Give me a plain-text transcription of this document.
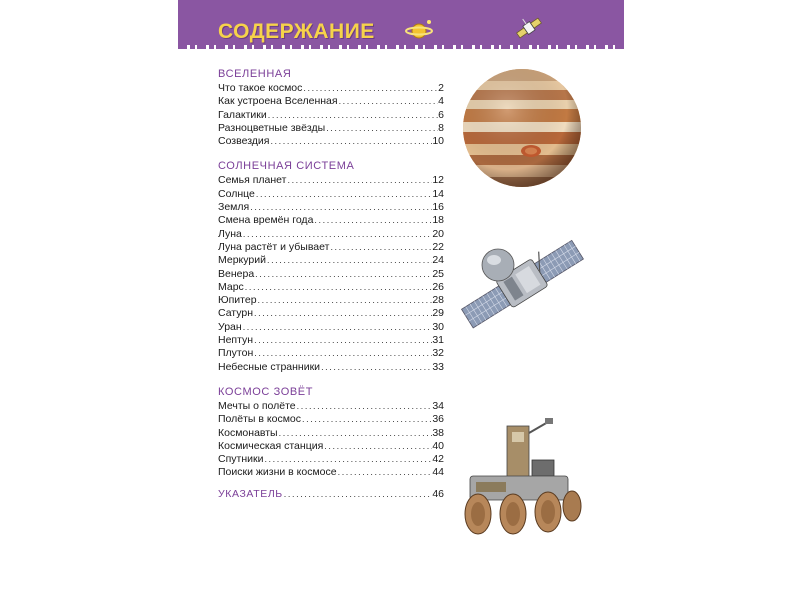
СОДЕРЖАНИЕ
ВСЕЛЕННАЯ
Что такое космос .....	2
Как устроена Вселенная .....	4
Галактики .....	6
Разноцветные звёзды .....	8
Созвездия .....	10
СОЛНЕЧНАЯ СИСТЕМА
Семья планет .....	12
Солнце .....	14
Земля .....	16
Смена времён года .....	18
Луна .....	20
Луна растёт и убывает .....	22
Меркурий .....	24
Венера .....	25
Марс .....	26
Юпитер .....	28
Сатурн .....	29
Уран .....	30
Нептун .....	31
Плутон .....	32
Небесные странники .....	33
КОСМОС ЗОВЁТ
Мечты о полёте .....	34
Полёты в космос .....	36
Космонавты .....	38
Космическая станция .....	40
Спутники .....	42
Поиски жизни в космосе .....	44
УКАЗАТЕЛЬ .....	46
